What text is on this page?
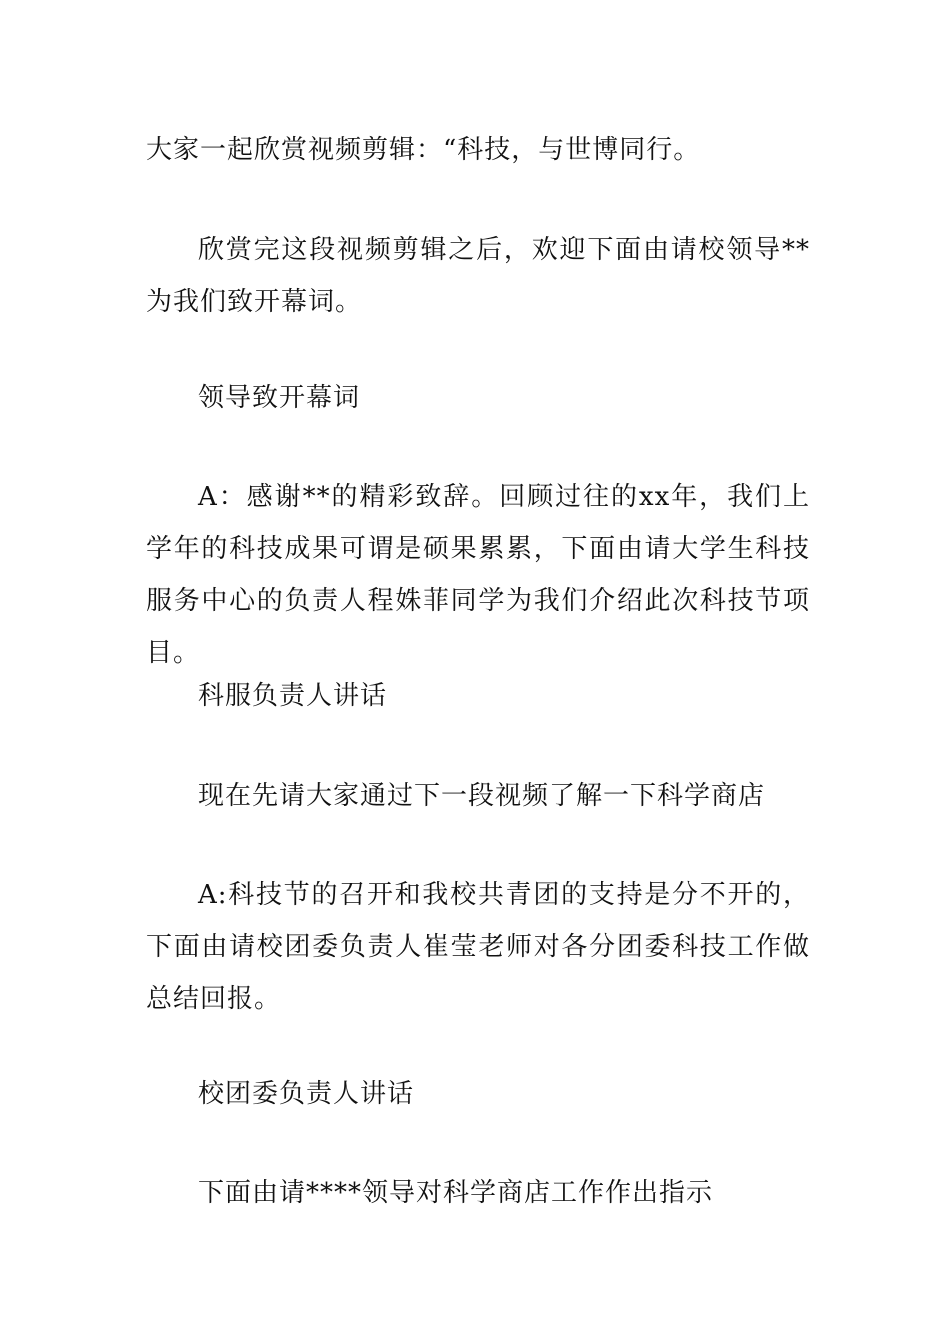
大家一起欣赏视频剪辑：“科技，与世博同行。

欣赏完这段视频剪辑之后，欢迎下面由请校领导**为我们致开幕词。

领导致开幕词

A：感谢**的精彩致辞。回顾过往的xx年，我们上学年的科技成果可谓是硕果累累，下面由请大学生科技服务中心的负责人程姝菲同学为我们介绍此次科技节项目。

科服负责人讲话

现在先请大家通过下一段视频了解一下科学商店

A:科技节的召开和我校共青团的支持是分不开的，下面由请校团委负责人崔莹老师对各分团委科技工作做总结回报。

校团委负责人讲话

下面由请****领导对科学商店工作作出指示
